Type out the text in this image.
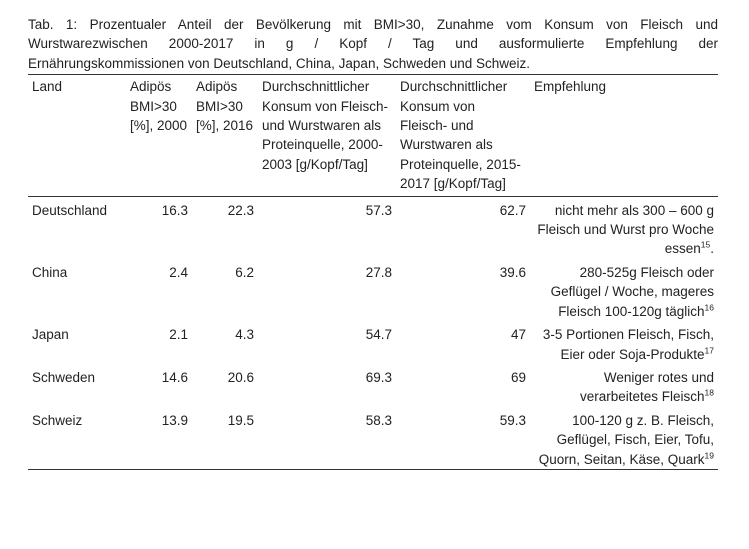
Tab. 1: Prozentualer Anteil der Bevölkerung mit BMI>30, Zunahme vom Konsum von Fleisch und
Wurstwarezwischen 2000-2017 in g / Kopf / Tag und ausformulierte Empfehlung der

Ernährungskommissionen von Deutschland, China, Japan, Schweden und Schweiz.

Land	Adipös BMI>30 [%], 2000	Adipös BMI>30 [%], 2016	Durchschnittlicher Konsum von Fleisch- und Wurstwaren als Proteinquelle, 2000-2003 [g/Kopf/Tag]	Durchschnittlicher Konsum von Fleisch- und Wurstwaren als Proteinquelle, 2015-2017 [g/Kopf/Tag]	Empfehlung
Deutschland	16.3	22.3	57.3	62.7	nicht mehr als 300 – 600 g Fleisch und Wurst pro Woche essen$^{15}$.
China	2.4	6.2	27.8	39.6	280-525g Fleisch oder Geflügel / Woche, mageres Fleisch 100-120g täglich$^{16}$
Japan	2.1	4.3	54.7	47	3-5 Portionen Fleisch, Fisch, Eier oder Soja-Produkte$^{17}$
Schweden	14.6	20.6	69.3	69	Weniger rotes und verarbeitetes Fleisch$^{18}$
Schweiz	13.9	19.5	58.3	59.3	100-120 g z. B. Fleisch, Geflügel, Fisch, Eier, Tofu, Quorn, Seitan, Käse, Quark$^{19}$
